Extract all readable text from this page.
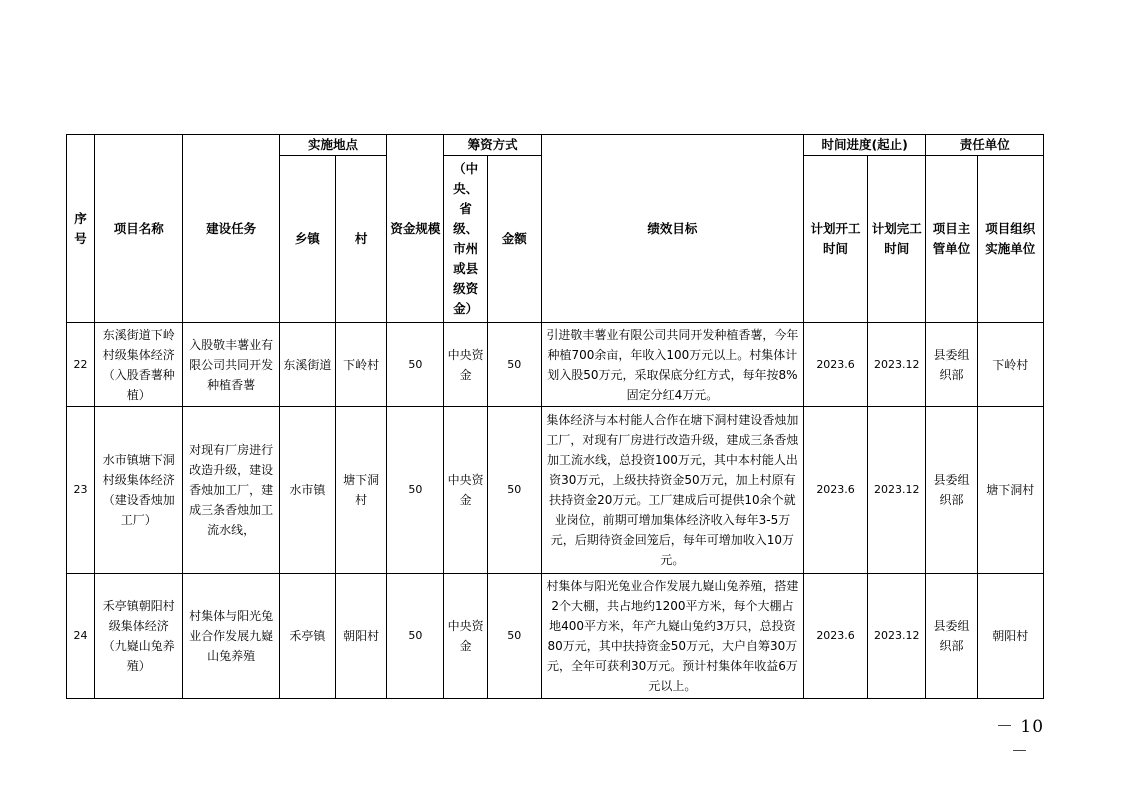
序号	项目名称	建设任务	实施地点		资金规模	筹资方式		绩效目标	时间进度(起止)		责任单位	
			乡镇	村		（中央、省级、市州或县级资金）	金额		计划开工时间	计划完工时间	项目主管单位	项目组织实施单位
22	东溪街道下岭村级集体经济（入股香薯种植）	入股敬丰薯业有限公司共同开发种植香薯	东溪街道	下岭村	50	中央资金	50	引进敬丰薯业有限公司共同开发种植香薯，今年种植700余亩，年收入100万元以上。村集体计划入股50万元，采取保底分红方式，每年按8%固定分红4万元。	2023.6	2023.12	县委组织部	下岭村
23	水市镇塘下洞村级集体经济（建设香烛加工厂）	对现有厂房进行改造升级，建设香烛加工厂，建成三条香烛加工流水线，	水市镇	塘下洞村	50	中央资金	50	集体经济与本村能人合作在塘下洞村建设香烛加工厂，对现有厂房进行改造升级，建成三条香烛加工流水线，总投资100万元，其中本村能人出资30万元，上级扶持资金50万元，加上村原有扶持资金20万元。工厂建成后可提供10余个就业岗位，前期可增加集体经济收入每年3-5万元，后期待资金回笼后，每年可增加收入10万元。	2023.6	2023.12	县委组织部	塘下洞村
24	禾亭镇朝阳村级集体经济（九嶷山兔养殖）	村集体与阳光兔业合作发展九嶷山兔养殖	禾亭镇	朝阳村	50	中央资金	50	村集体与阳光兔业合作发展九嶷山兔养殖，搭建2个大棚，共占地约1200平方米，每个大棚占地400平方米，年产九嶷山兔约3万只，总投资80万元，其中扶持资金50万元，大户自筹30万元，全年可获利30万元。预计村集体年收益6万元以上。	2023.6	2023.12	县委组织部	朝阳村
－ 10 －
